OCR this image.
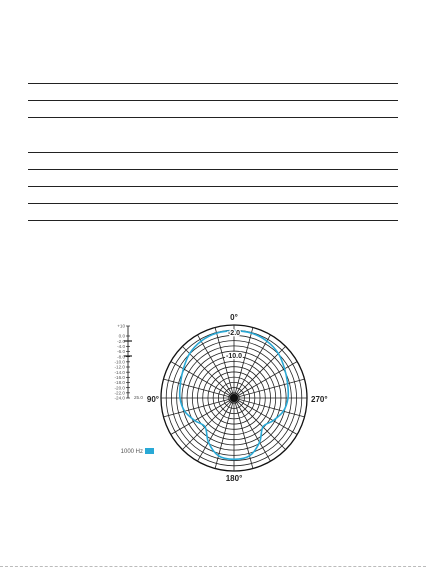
0°
90°
180°
270°
-2.0
-10.0
+10
0.0
-2.0
-4.0
-6.0
-8.0
-10.0
-12.0
-14.0
-16.0
-18.0
-20.0
-22.0
-24.0 25.0
1000 Hz
